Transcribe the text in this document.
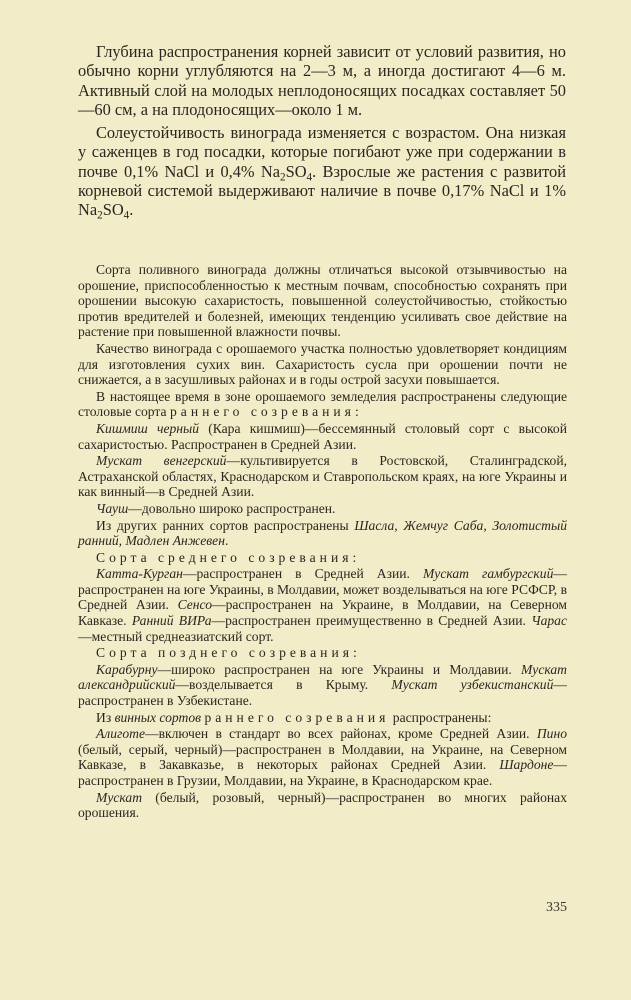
Глубина распространения корней зависит от условий развития, но обычно корни углубляются на 2—3 м, а иногда достигают 4—6 м. Активный слой на молодых неплодоносящих посадках составляет 50—60 см, а на плодоносящих—около 1 м.

Солеустойчивость винограда изменяется с возрастом. Она низкая у саженцев в год посадки, которые погибают уже при содержании в почве 0,1% NaCl и 0,4% $Na_2SO_4$. Взрослые же растения с развитой корневой системой выдерживают наличие в почве 0,17% NaCl и 1% $Na_2SO_4$.

Сорта поливного винограда должны отличаться высокой отзывчивостью на орошение, приспособленностью к местным почвам, способностью сохранять при орошении высокую сахаристость, повышенной солеустойчивостью, стойкостью против вредителей и болезней, имеющих тенденцию усиливать свое действие на растение при повышенной влажности почвы.

Качество винограда с орошаемого участка полностью удовлетворяет кондициям для изготовления сухих вин. Сахаристость сусла при орошении почти не снижается, а в засушливых районах и в годы острой засухи повышается.

В настоящее время в зоне орошаемого земледелия распространены следующие столовые сорта раннего созревания:

Кишмиш черный (Кара кишмиш)—бессемянный столовый сорт с высокой сахаристостью. Распространен в Средней Азии.

Мускат венгерский—культивируется в Ростовской, Сталинградской, Астраханской областях, Краснодарском и Ставропольском краях, на юге Украины и как винный—в Средней Азии.

Чауш—довольно широко распространен.

Из других ранних сортов распространены Шасла, Жемчуг Саба, Золотистый ранний, Мадлен Анжевен.

Сорта среднего созревания:

Катта-Курган—распространен в Средней Азии. Мускат гамбургский—распространен на юге Украины, в Молдавии, может возделываться на юге РСФСР, в Средней Азии. Сенсо—распространен на Украине, в Молдавии, на Северном Кавказе. Ранний ВИРа—распространен преимущественно в Средней Азии. Чарас—местный среднеазиатский сорт.

Сорта позднего созревания:

Карабурну—широко распространен на юге Украины и Молдавии. Мускат александрийский—возделывается в Крыму. Мускат узбекистанский—распространен в Узбекистане.

Из винных сортов раннего созревания распространены:

Алиготе—включен в стандарт во всех районах, кроме Средней Азии. Пино (белый, серый, черный)—распространен в Молдавии, на Украине, на Северном Кавказе, в Закавказье, в некоторых районах Средней Азии. Шардоне—распространен в Грузии, Молдавии, на Украине, в Краснодарском крае.

Мускат (белый, розовый, черный)—распространен во многих районах орошения.

335
